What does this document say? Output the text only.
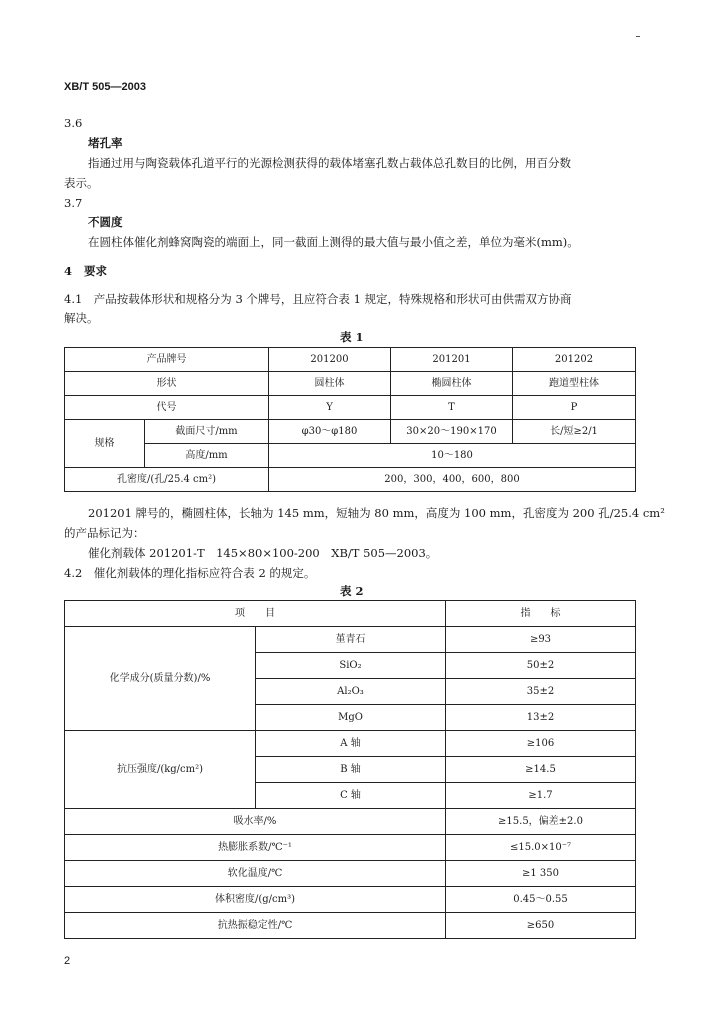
XB/T 505—2003
3.6
堵孔率
指通过用与陶瓷载体孔道平行的光源检测获得的载体堵塞孔数占载体总孔数目的比例，用百分数
表示。
3.7
不圆度
在圆柱体催化剂蜂窝陶瓷的端面上，同一截面上测得的最大值与最小值之差，单位为毫米(mm)。
4 要求
4.1　产品按载体形状和规格分为 3 个牌号，且应符合表 1 规定，特殊规格和形状可由供需双方协商
解决。
表 1
产品牌号		201200	201201	201202
形状		圆柱体	椭圆柱体	跑道型柱体
代号		Y	T	P
规格	截面尺寸/mm	φ30～φ180	30×20～190×170	长/短≥2/1
	高度/mm	10～180		
孔密度/(孔/25.4 cm²)		200，300，400，600，800		
201201 牌号的，椭圆柱体，长轴为 145 mm，短轴为 80 mm，高度为 100 mm，孔密度为 200 孔/25.4 cm²
的产品标记为：
催化剂载体 201201-T　145×80×100-200　XB/T 505—2003。
4.2　催化剂载体的理化指标应符合表 2 的规定。
表 2
项　　目		指　　标
化学成分(质量分数)/%	堇青石	≥93
	SiO₂	50±2
	Al₂O₃	35±2
	MgO	13±2
抗压强度/(kg/cm²)	A 轴	≥106
	B 轴	≥14.5
	C 轴	≥1.7
吸水率/%		≥15.5，偏差±2.0
热膨胀系数/℃⁻¹		≤15.0×10⁻⁷
软化温度/℃		≥1 350
体积密度/(g/cm³)		0.45～0.55
抗热振稳定性/℃		≥650
2
